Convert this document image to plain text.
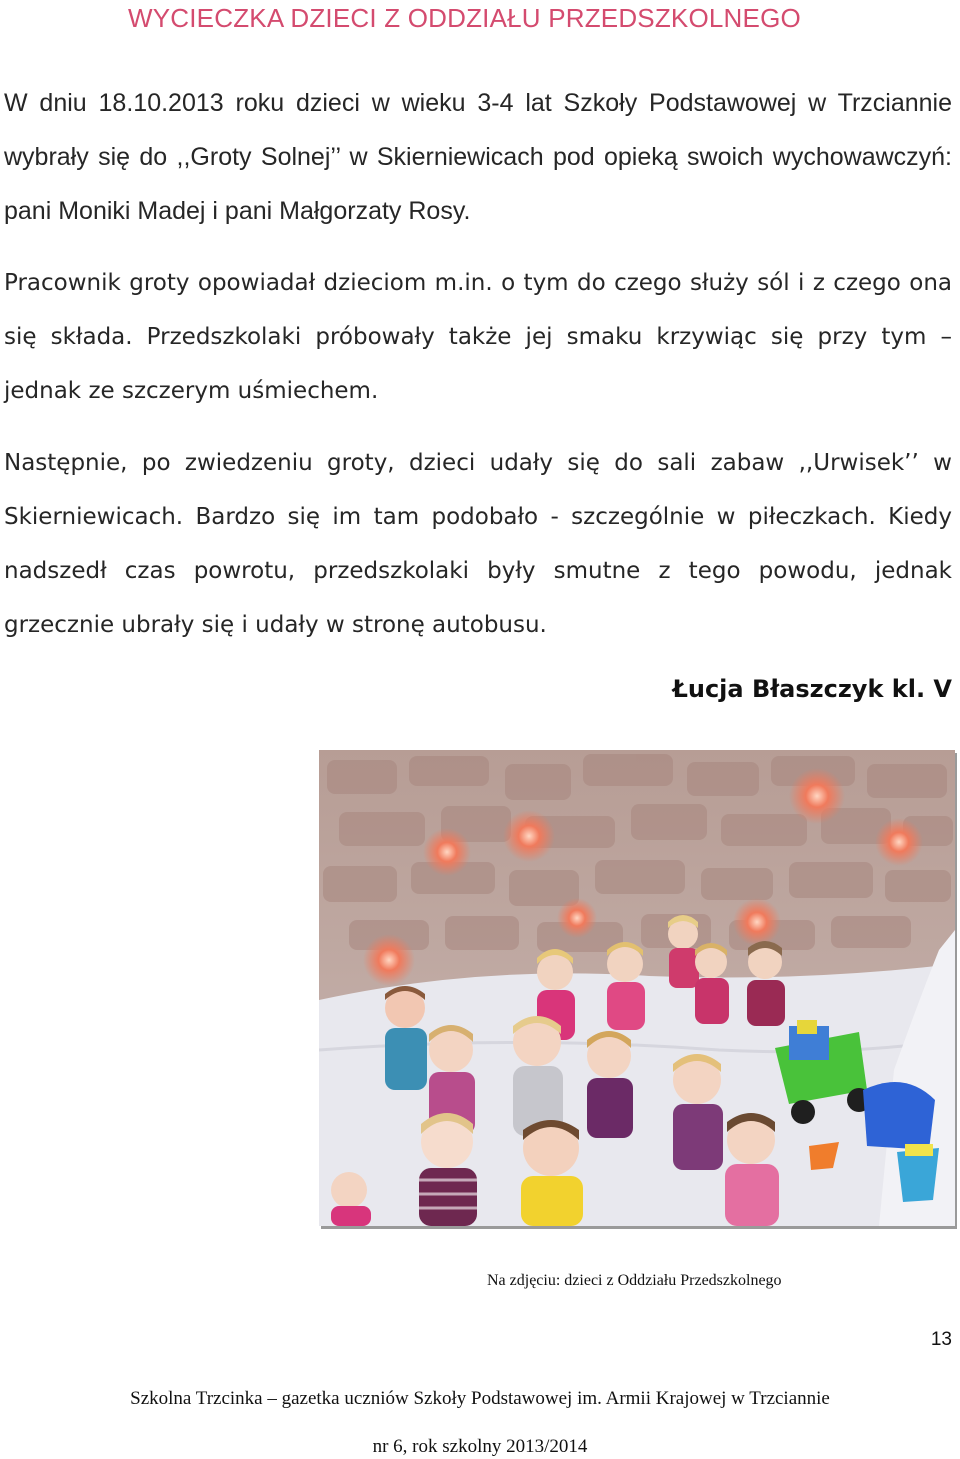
WYCIECZKA DZIECI Z ODDZIAŁU PRZEDSZKOLNEGO

W dniu 18.10.2013 roku dzieci w wieku 3-4 lat Szkoły Podstawowej w Trzciannie wybrały się do ,,Groty Solnej’’ w Skierniewicach pod opieką swoich wychowawczyń: pani Moniki Madej i pani Małgorzaty Rosy.

Pracownik groty opowiadał dzieciom m.in. o tym do czego służy sól i z czego ona się składa. Przedszkolaki próbowały także jej smaku krzywiąc się przy tym – jednak ze szczerym uśmiechem.

Następnie, po zwiedzeniu groty, dzieci udały się do sali zabaw ,,Urwisek’’ w Skierniewicach. Bardzo się im tam podobało - szczególnie w piłeczkach. Kiedy nadszedł czas powrotu, przedszkolaki były smutne z tego powodu, jednak grzecznie ubrały się i udały w stronę autobusu.

Łucja Błaszczyk kl. V
Na zdjęciu: dzieci z Oddziału Przedszkolnego
13
Szkolna Trzcinka – gazetka uczniów Szkoły Podstawowej im. Armii Krajowej w Trzciannie
nr 6, rok szkolny 2013/2014
